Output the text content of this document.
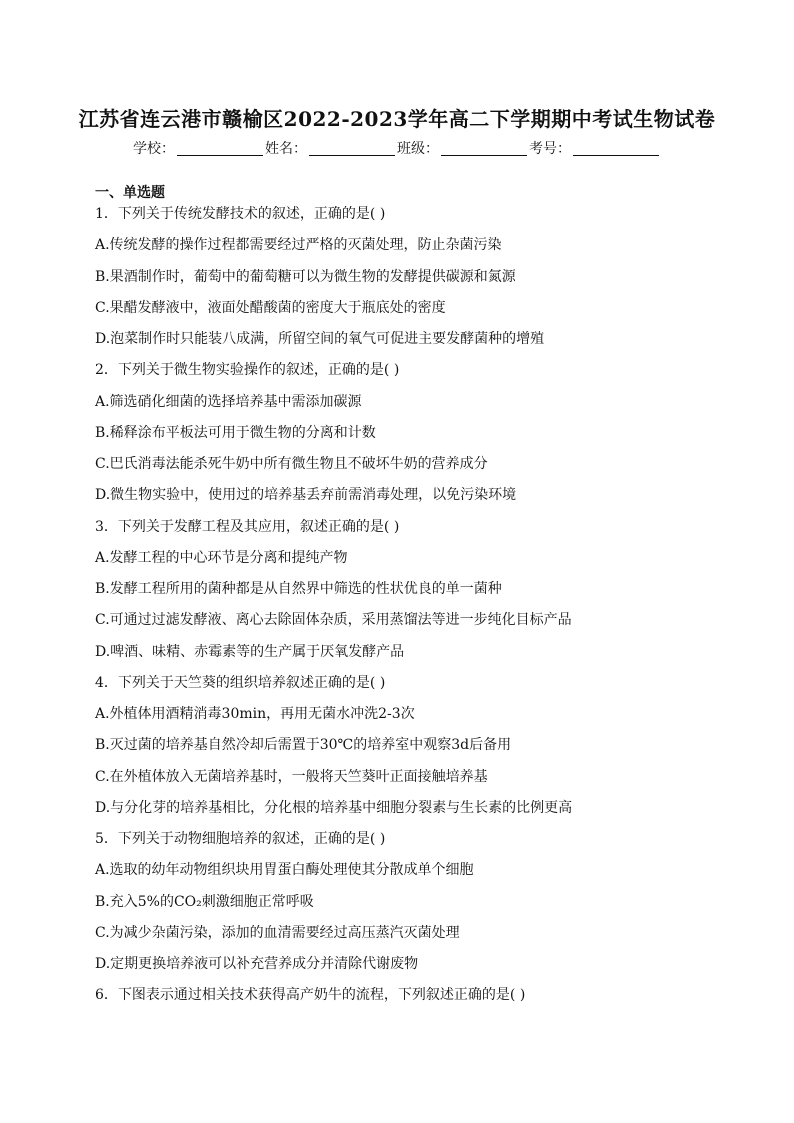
江苏省连云港市赣榆区2022-2023学年高二下学期期中考试生物试卷
学校：	姓名：	班级：	考号：
一、单选题
1．下列关于传统发酵技术的叙述，正确的是( )
A.传统发酵的操作过程都需要经过严格的灭菌处理，防止杂菌污染
B.果酒制作时，葡萄中的葡萄糖可以为微生物的发酵提供碳源和氮源
C.果醋发酵液中，液面处醋酸菌的密度大于瓶底处的密度
D.泡菜制作时只能装八成满，所留空间的氧气可促进主要发酵菌种的增殖
2．下列关于微生物实验操作的叙述，正确的是( )
A.筛选硝化细菌的选择培养基中需添加碳源
B.稀释涂布平板法可用于微生物的分离和计数
C.巴氏消毒法能杀死牛奶中所有微生物且不破坏牛奶的营养成分
D.微生物实验中，使用过的培养基丢弃前需消毒处理，以免污染环境
3．下列关于发酵工程及其应用，叙述正确的是( )
A.发酵工程的中心环节是分离和提纯产物
B.发酵工程所用的菌种都是从自然界中筛选的性状优良的单一菌种
C.可通过过滤发酵液、离心去除固体杂质，采用蒸馏法等进一步纯化目标产品
D.啤酒、味精、赤霉素等的生产属于厌氧发酵产品
4．下列关于天竺葵的组织培养叙述正确的是( )
A.外植体用酒精消毒30min，再用无菌水冲洗2-3次
B.灭过菌的培养基自然冷却后需置于30℃的培养室中观察3d后备用
C.在外植体放入无菌培养基时，一般将天竺葵叶正面接触培养基
D.与分化芽的培养基相比，分化根的培养基中细胞分裂素与生长素的比例更高
5．下列关于动物细胞培养的叙述，正确的是( )
A.选取的幼年动物组织块用胃蛋白酶处理使其分散成单个细胞
B.充入5%的CO₂刺激细胞正常呼吸
C.为减少杂菌污染，添加的血清需要经过高压蒸汽灭菌处理
D.定期更换培养液可以补充营养成分并清除代谢废物
6．下图表示通过相关技术获得高产奶牛的流程，下列叙述正确的是( )
